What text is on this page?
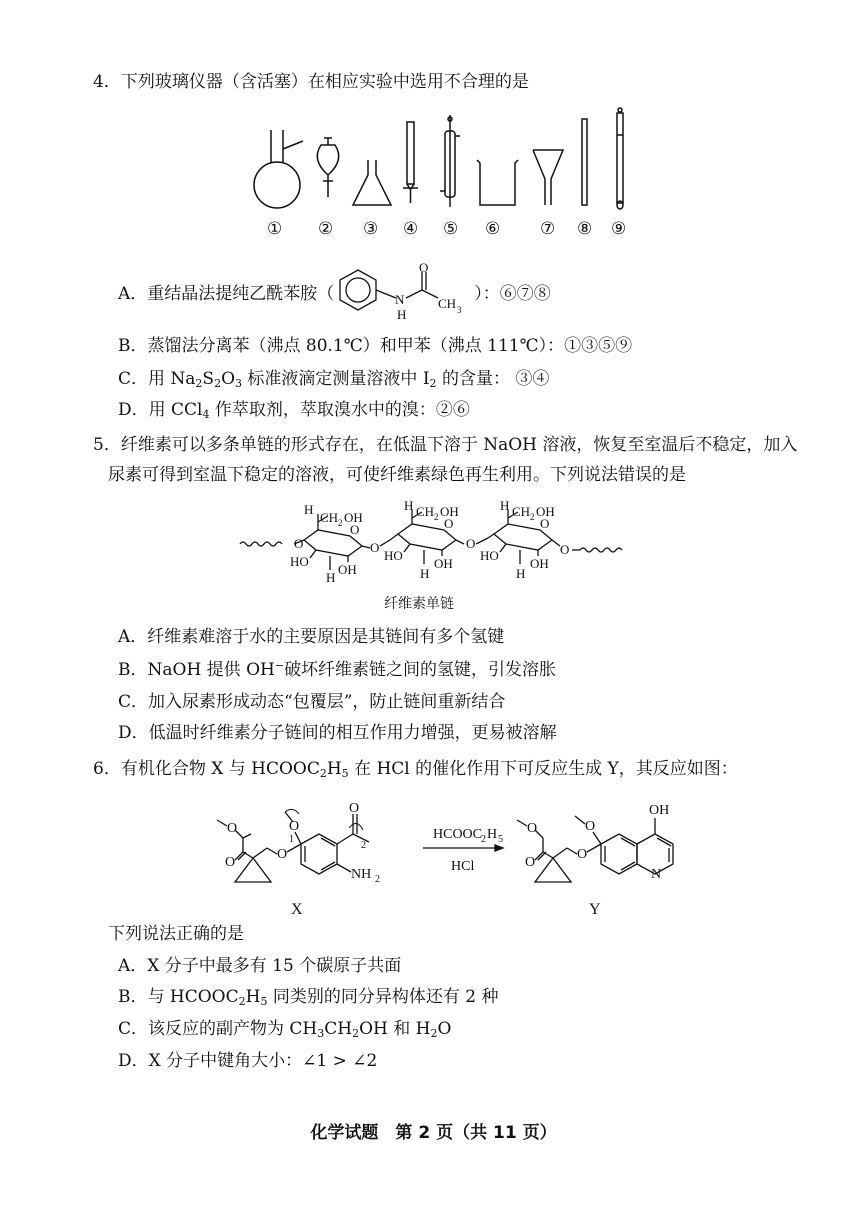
4．下列玻璃仪器（含活塞）在相应实验中选用不合理的是
① ② ③ ④ ⑤ ⑥ ⑦ ⑧ ⑨
A．重结晶法提纯乙酰苯胺（	）：⑥⑦⑧
N
H
O
CH 3
B．蒸馏法分离苯（沸点 80.1℃）和甲苯（沸点 111℃）：①③⑤⑨
C．用 $Na_2S_2O_3$ 标准液滴定测量溶液中 $I_2$ 的含量： ③④
D．用 CCl$_4$ 作萃取剂，萃取溴水中的溴：②⑥
5．纤维素可以多条单链的形式存在，在低温下溶于 NaOH 溶液，恢复至室温后不稳定，加入
尿素可得到室温下稳定的溶液，可使纤维素绿色再生利用。下列说法错误的是
O
H
CH 2 OH
O
HO
OH
H
O
H CH 2 OH
O
HO
OH
H
O
H CH 2 OH
O
HO
OH
H
O
纤维素单链
A．纤维素难溶于水的主要原因是其链间有多个氢键
B．NaOH 提供 OH−破坏纤维素链之间的氢键，引发溶胀
C．加入尿素形成动态“包覆层”，防止链间重新结合
D．低温时纤维素分子链间的相互作用力增强，更易被溶解
6．有机化合物 X 与 $HCOOC_2H_5$ 在 HCl 的催化作用下可反应生成 Y，其反应如图：
O
O
O
O
O
1
2
NH 2
HCOOC
2 H 5
HCl
O
O
O
O
OH
N
X	Y
下列说法正确的是
A．X 分子中最多有 15 个碳原子共面
B．与 $HCOOC_2H_5$ 同类别的同分异构体还有 2 种
C．该反应的副产物为 $CH_3CH_2OH$ 和 $H_2O$
D．X 分子中键角大小：∠1 > ∠2
化学试题　第 2 页（共 11 页）
